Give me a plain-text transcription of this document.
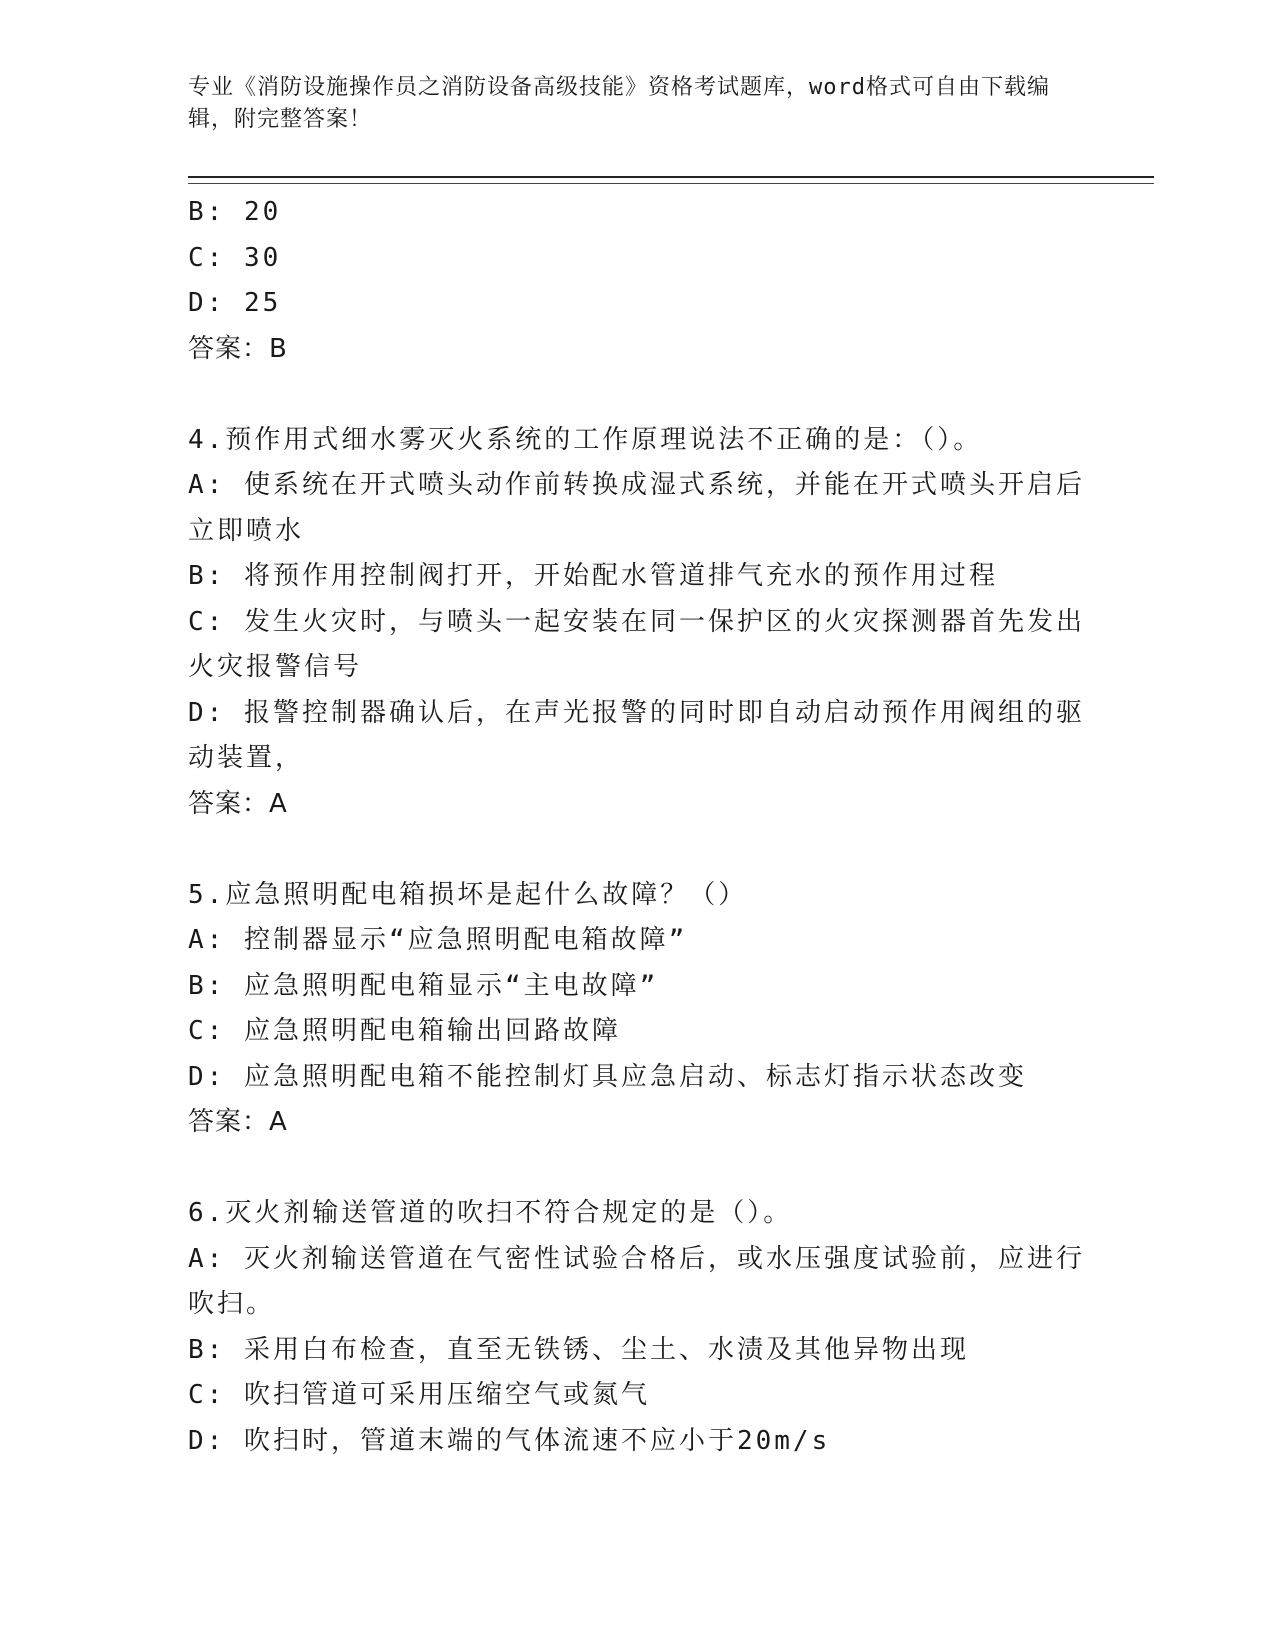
专业《消防设施操作员之消防设备高级技能》资格考试题库，word格式可自由下载编辑，附完整答案！
B: 20
C: 30
D: 25
答案：B
4.预作用式细水雾灭火系统的工作原理说法不正确的是：（）。
A: 使系统在开式喷头动作前转换成湿式系统，并能在开式喷头开启后立即喷水
B: 将预作用控制阀打开，开始配水管道排气充水的预作用过程
C: 发生火灾时，与喷头一起安装在同一保护区的火灾探测器首先发出火灾报警信号
D: 报警控制器确认后，在声光报警的同时即自动启动预作用阀组的驱动装置，
答案：A
5.应急照明配电箱损坏是起什么故障？（）
A: 控制器显示“应急照明配电箱故障”
B: 应急照明配电箱显示“主电故障”
C: 应急照明配电箱输出回路故障
D: 应急照明配电箱不能控制灯具应急启动、标志灯指示状态改变
答案：A
6.灭火剂输送管道的吹扫不符合规定的是（）。
A: 灭火剂输送管道在气密性试验合格后，或水压强度试验前，应进行吹扫。
B: 采用白布检查，直至无铁锈、尘土、水渍及其他异物出现
C: 吹扫管道可采用压缩空气或氮气
D: 吹扫时，管道末端的气体流速不应小于20m/s
